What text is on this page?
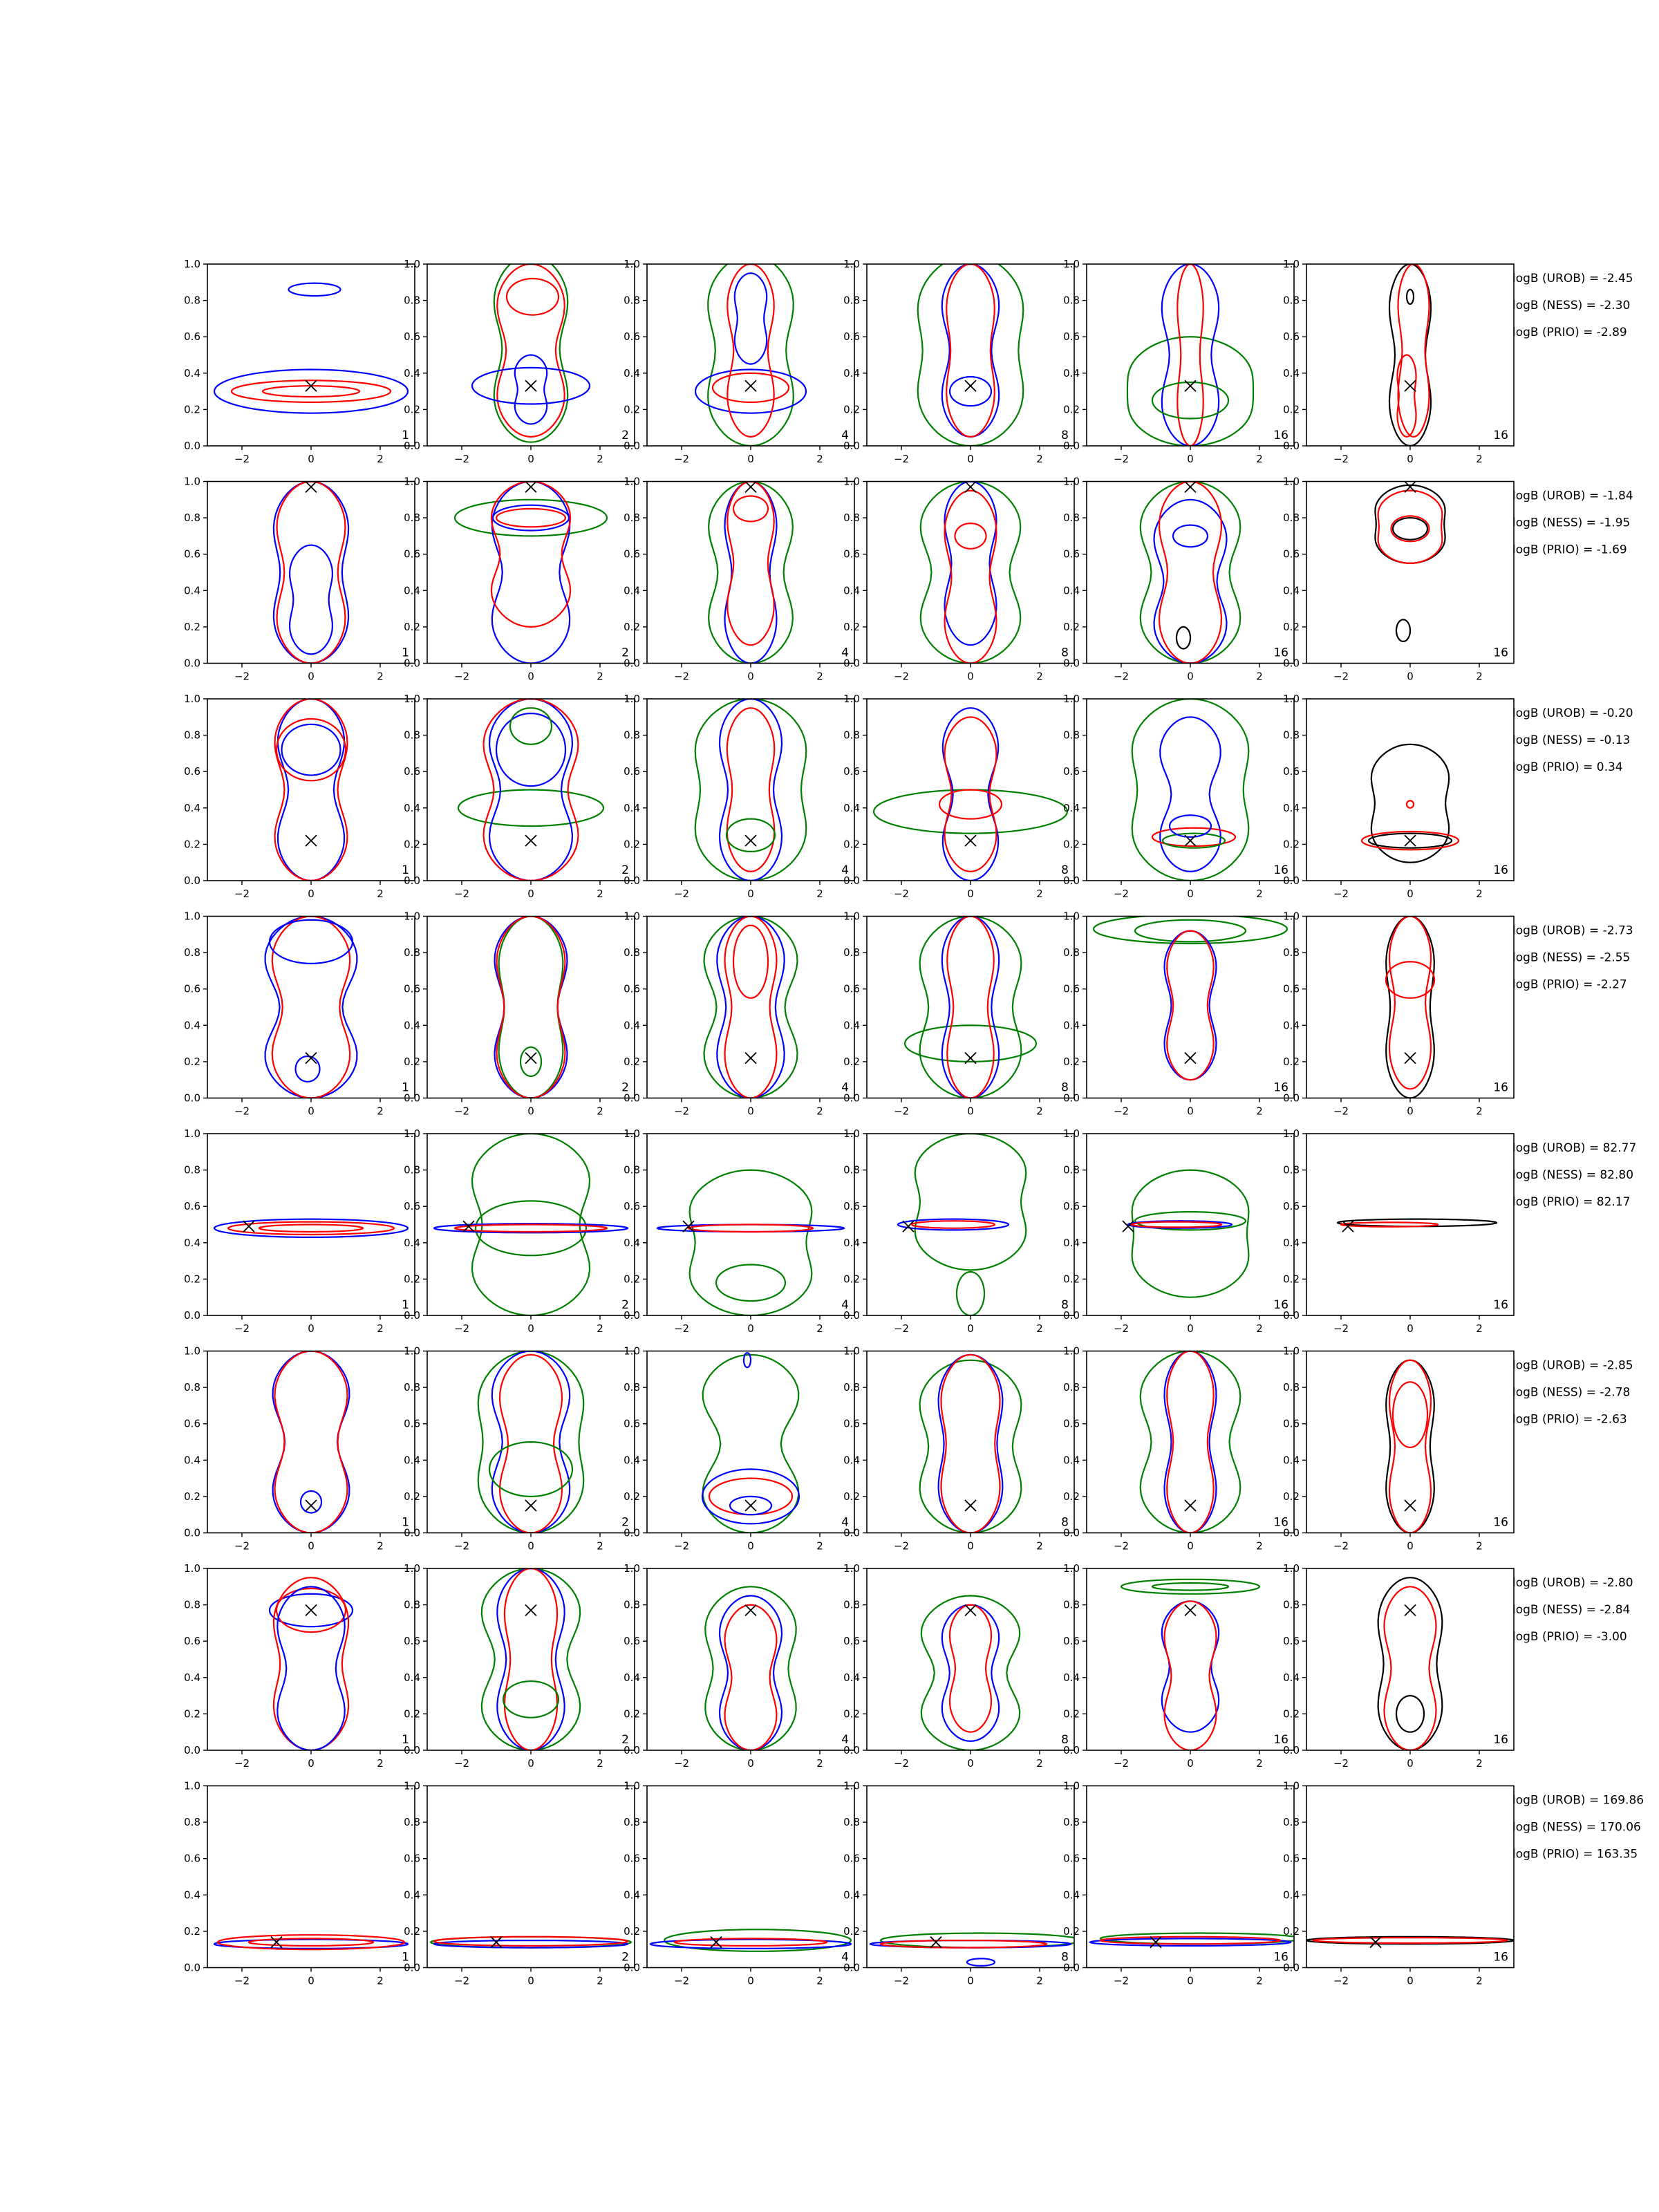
−2	0	2
0.0
0.2
0.4
0.6
0.8
1.0
1
−2	0	2
0.0
0.2
0.4
0.6
0.8
1.0
2
−2	0	2
0.0
0.2
0.4
0.6
0.8
1.0
4
−2	0	2
0.0
0.2
0.4
0.6
0.8
1.0
8
−2	0	2
0.0
0.2
0.4
0.6
0.8
1.0
16
−2	0	2
0.0
0.2
0.4
0.6
0.8
1.0
16
logB (UROB) = -2.45
logB (NESS) = -2.30
logB (PRIO) = -2.89
−2	0	2
0.0
0.2
0.4
0.6
0.8
1.0
1
−2	0	2
0.0
0.2
0.4
0.6
0.8
1.0
2
−2	0	2
0.0
0.2
0.4
0.6
0.8
1.0
4
−2	0	2
0.0
0.2
0.4
0.6
0.8
1.0
8
−2	0	2
0.0
0.2
0.4
0.6
0.8
1.0
16
−2	0	2
0.0
0.2
0.4
0.6
0.8
1.0
16
logB (UROB) = -1.84
logB (NESS) = -1.95
logB (PRIO) = -1.69
−2	0	2
0.0
0.2
0.4
0.6
0.8
1.0
1
−2	0	2
0.0
0.2
0.4
0.6
0.8
1.0
2
−2	0	2
0.0
0.2
0.4
0.6
0.8
1.0
4
−2	0	2
0.0
0.2
0.4
0.6
0.8
1.0
8
−2	0	2
0.0
0.2
0.4
0.6
0.8
1.0
16
−2	0	2
0.0
0.2
0.4
0.6
0.8
1.0
16
logB (UROB) = -0.20
logB (NESS) = -0.13
logB (PRIO) = 0.34
−2	0	2
0.0
0.2
0.4
0.6
0.8
1.0
1
−2	0	2
0.0
0.2
0.4
0.6
0.8
1.0
2
−2	0	2
0.0
0.2
0.4
0.6
0.8
1.0
4
−2	0	2
0.0
0.2
0.4
0.6
0.8
1.0
8
−2	0	2
0.0
0.2
0.4
0.6
0.8
1.0
16
−2	0	2
0.0
0.2
0.4
0.6
0.8
1.0
16
logB (UROB) = -2.73
logB (NESS) = -2.55
logB (PRIO) = -2.27
−2	0	2
0.0
0.2
0.4
0.6
0.8
1.0
1
−2	0	2
0.0
0.2
0.4
0.6
0.8
1.0
2
−2	0	2
0.0
0.2
0.4
0.6
0.8
1.0
4
−2	0	2
0.0
0.2
0.4
0.6
0.8
1.0
8
−2	0	2
0.0
0.2
0.4
0.6
0.8
1.0
16
−2	0	2
0.0
0.2
0.4
0.6
0.8
1.0
16
logB (UROB) = 82.77
logB (NESS) = 82.80
logB (PRIO) = 82.17
−2	0	2
0.0
0.2
0.4
0.6
0.8
1.0
1
−2	0	2
0.0
0.2
0.4
0.6
0.8
1.0
2
−2	0	2
0.0
0.2
0.4
0.6
0.8
1.0
4
−2	0	2
0.0
0.2
0.4
0.6
0.8
1.0
8
−2	0	2
0.0
0.2
0.4
0.6
0.8
1.0
16
−2	0	2
0.0
0.2
0.4
0.6
0.8
1.0
16
logB (UROB) = -2.85
logB (NESS) = -2.78
logB (PRIO) = -2.63
−2	0	2
0.0
0.2
0.4
0.6
0.8
1.0
1
−2	0	2
0.0
0.2
0.4
0.6
0.8
1.0
2
−2	0	2
0.0
0.2
0.4
0.6
0.8
1.0
4
−2	0	2
0.0
0.2
0.4
0.6
0.8
1.0
8
−2	0	2
0.0
0.2
0.4
0.6
0.8
1.0
16
−2	0	2
0.0
0.2
0.4
0.6
0.8
1.0
16
logB (UROB) = -2.80
logB (NESS) = -2.84
logB (PRIO) = -3.00
−2	0	2
0.0
0.2
0.4
0.6
0.8
1.0
1
−2	0	2
0.0
0.2
0.4
0.6
0.8
1.0
2
−2	0	2
0.0
0.2
0.4
0.6
0.8
1.0
4
−2	0	2
0.0
0.2
0.4
0.6
0.8
1.0
8
−2	0	2
0.0
0.2
0.4
0.6
0.8
1.0
16
−2	0	2
0.0
0.2
0.4
0.6
0.8
1.0
16
logB (UROB) = 169.86
logB (NESS) = 170.06
logB (PRIO) = 163.35
